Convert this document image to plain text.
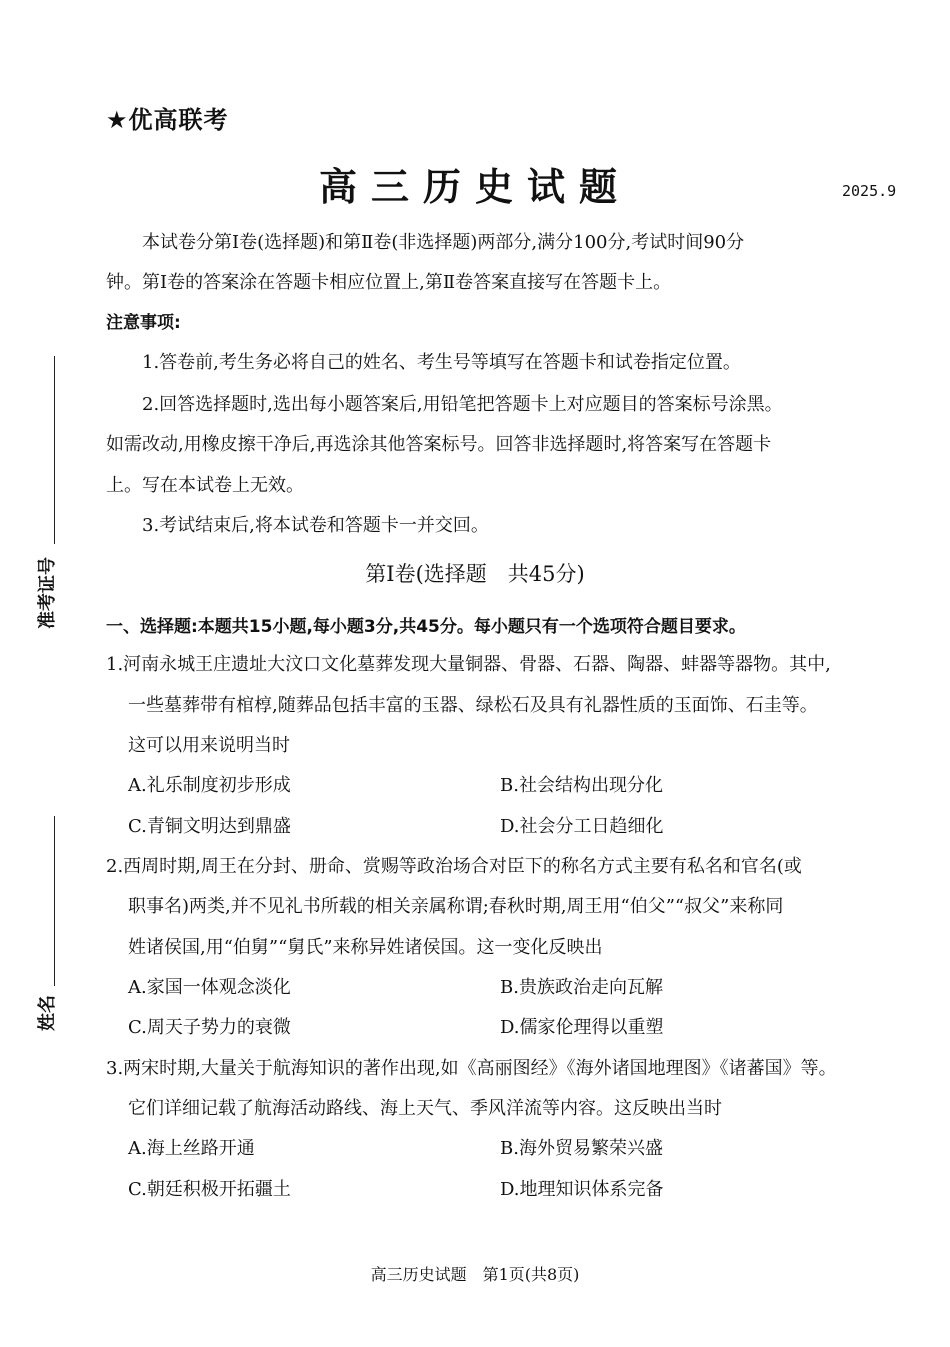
准考证号
姓名
★优高联考
高三历史试题	2025.9
本试卷分第Ⅰ卷(选择题)和第Ⅱ卷(非选择题)两部分,满分100分,考试时间90分
钟。第Ⅰ卷的答案涂在答题卡相应位置上,第Ⅱ卷答案直接写在答题卡上。
注意事项:
1.答卷前,考生务必将自己的姓名、考生号等填写在答题卡和试卷指定位置。
2.回答选择题时,选出每小题答案后,用铅笔把答题卡上对应题目的答案标号涂黑。
如需改动,用橡皮擦干净后,再选涂其他答案标号。回答非选择题时,将答案写在答题卡
上。写在本试卷上无效。
3.考试结束后,将本试卷和答题卡一并交回。
第Ⅰ卷(选择题　共45分)
一、选择题:本题共15小题,每小题3分,共45分。每小题只有一个选项符合题目要求。
1.河南永城王庄遗址大汶口文化墓葬发现大量铜器、骨器、石器、陶器、蚌器等器物。其中,
一些墓葬带有棺椁,随葬品包括丰富的玉器、绿松石及具有礼器性质的玉面饰、石圭等。
这可以用来说明当时
A.礼乐制度初步形成	B.社会结构出现分化
C.青铜文明达到鼎盛	D.社会分工日趋细化
2.西周时期,周王在分封、册命、赏赐等政治场合对臣下的称名方式主要有私名和官名(或
职事名)两类,并不见礼书所载的相关亲属称谓;春秋时期,周王用“伯父”“叔父”来称同
姓诸侯国,用“伯舅”“舅氏”来称异姓诸侯国。这一变化反映出
A.家国一体观念淡化	B.贵族政治走向瓦解
C.周天子势力的衰微	D.儒家伦理得以重塑
3.两宋时期,大量关于航海知识的著作出现,如《高丽图经》《海外诸国地理图》《诸蕃国》等。
它们详细记载了航海活动路线、海上天气、季风洋流等内容。这反映出当时
A.海上丝路开通	B.海外贸易繁荣兴盛
C.朝廷积极开拓疆土	D.地理知识体系完备
高三历史试题　第1页(共8页)
